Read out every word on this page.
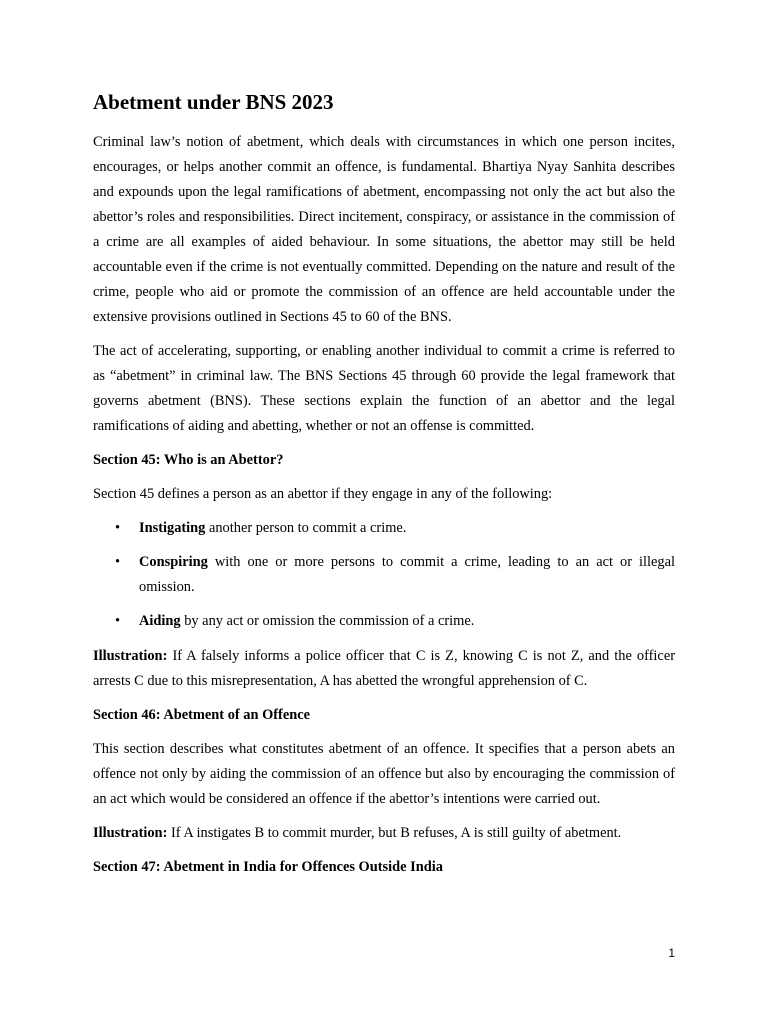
Abetment under BNS 2023

Criminal law’s notion of abetment, which deals with circumstances in which one person incites, encourages, or helps another commit an offence, is fundamental. Bhartiya Nyay Sanhita describes and expounds upon the legal ramifications of abetment, encompassing not only the act but also the abettor’s roles and responsibilities. Direct incitement, conspiracy, or assistance in the commission of a crime are all examples of aided behaviour. In some situations, the abettor may still be held accountable even if the crime is not eventually committed. Depending on the nature and result of the crime, people who aid or promote the commission of an offence are held accountable under the extensive provisions outlined in Sections 45 to 60 of the BNS.

The act of accelerating, supporting, or enabling another individual to commit a crime is referred to as “abetment” in criminal law. The BNS Sections 45 through 60 provide the legal framework that governs abetment (BNS). These sections explain the function of an abettor and the legal ramifications of aiding and abetting, whether or not an offense is committed.

Section 45: Who is an Abettor?

Section 45 defines a person as an abettor if they engage in any of the following:

• Instigating another person to commit a crime.
• Conspiring with one or more persons to commit a crime, leading to an act or illegal omission.
• Aiding by any act or omission the commission of a crime.

Illustration: If A falsely informs a police officer that C is Z, knowing C is not Z, and the officer arrests C due to this misrepresentation, A has abetted the wrongful apprehension of C.

Section 46: Abetment of an Offence

This section describes what constitutes abetment of an offence. It specifies that a person abets an offence not only by aiding the commission of an offence but also by encouraging the commission of an act which would be considered an offence if the abettor’s intentions were carried out.

Illustration: If A instigates B to commit murder, but B refuses, A is still guilty of abetment.

Section 47: Abetment in India for Offences Outside India

1
